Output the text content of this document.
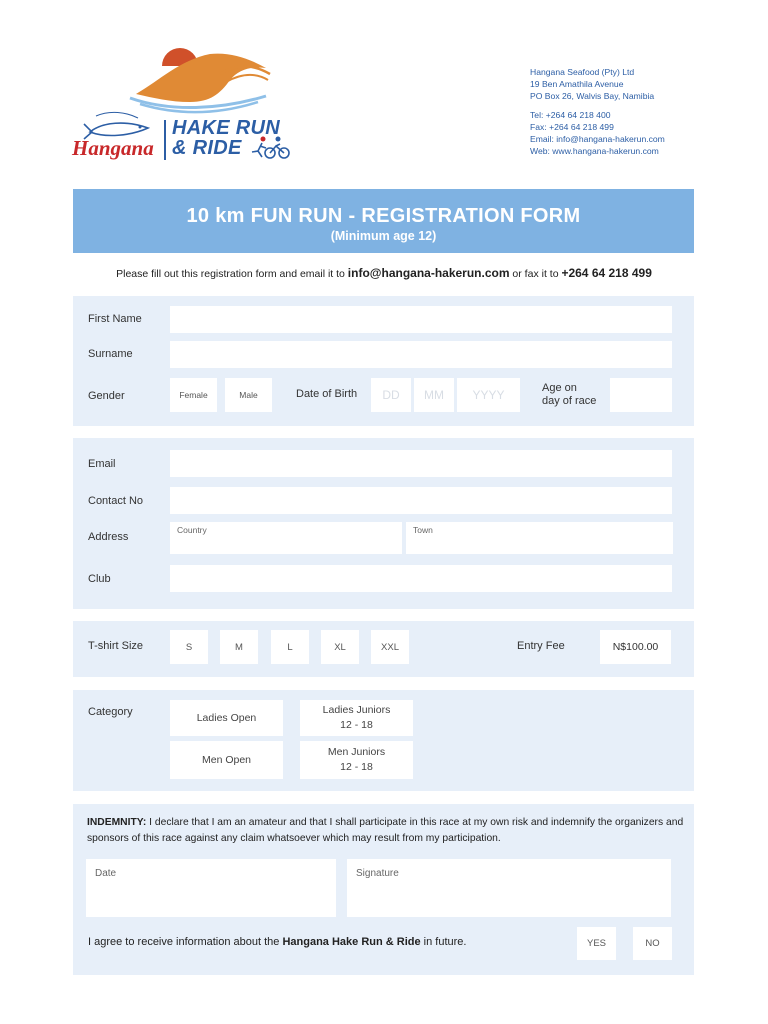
Hangana
HAKE RUN
& RIDE
Hangana Seafood (Pty) Ltd
19 Ben Amathila Avenue
PO Box 26, Walvis Bay, Namibia
Tel: +264 64 218 400
Fax: +264 64 218 499
Email: info@hangana-hakerun.com
Web: www.hangana-hakerun.com
10 km FUN RUN - REGISTRATION FORM
(Minimum age 12)
Please fill out this registration form and email it to info@hangana-hakerun.com or fax it to +264 64 218 499
First Name
Surname
Gender	Female	Male	Date of Birth	DD	MM	YYYY	Age on
day of race
Email
Contact No
Address
Country	Town
Club
T-shirt Size	S	M	L	XL	XXL	Entry Fee	N$100.00
Category	Ladies Open
Ladies Juniors
12 - 18
Men Open
Men Juniors
12 - 18
INDEMNITY: I declare that I am an amateur and that I shall participate in this race at my own risk and indemnify the organizers and sponsors of this race against any claim whatsoever which may result from my participation.
Date	Signature
I agree to receive information about the Hangana Hake Run & Ride in future.	YES	NO
